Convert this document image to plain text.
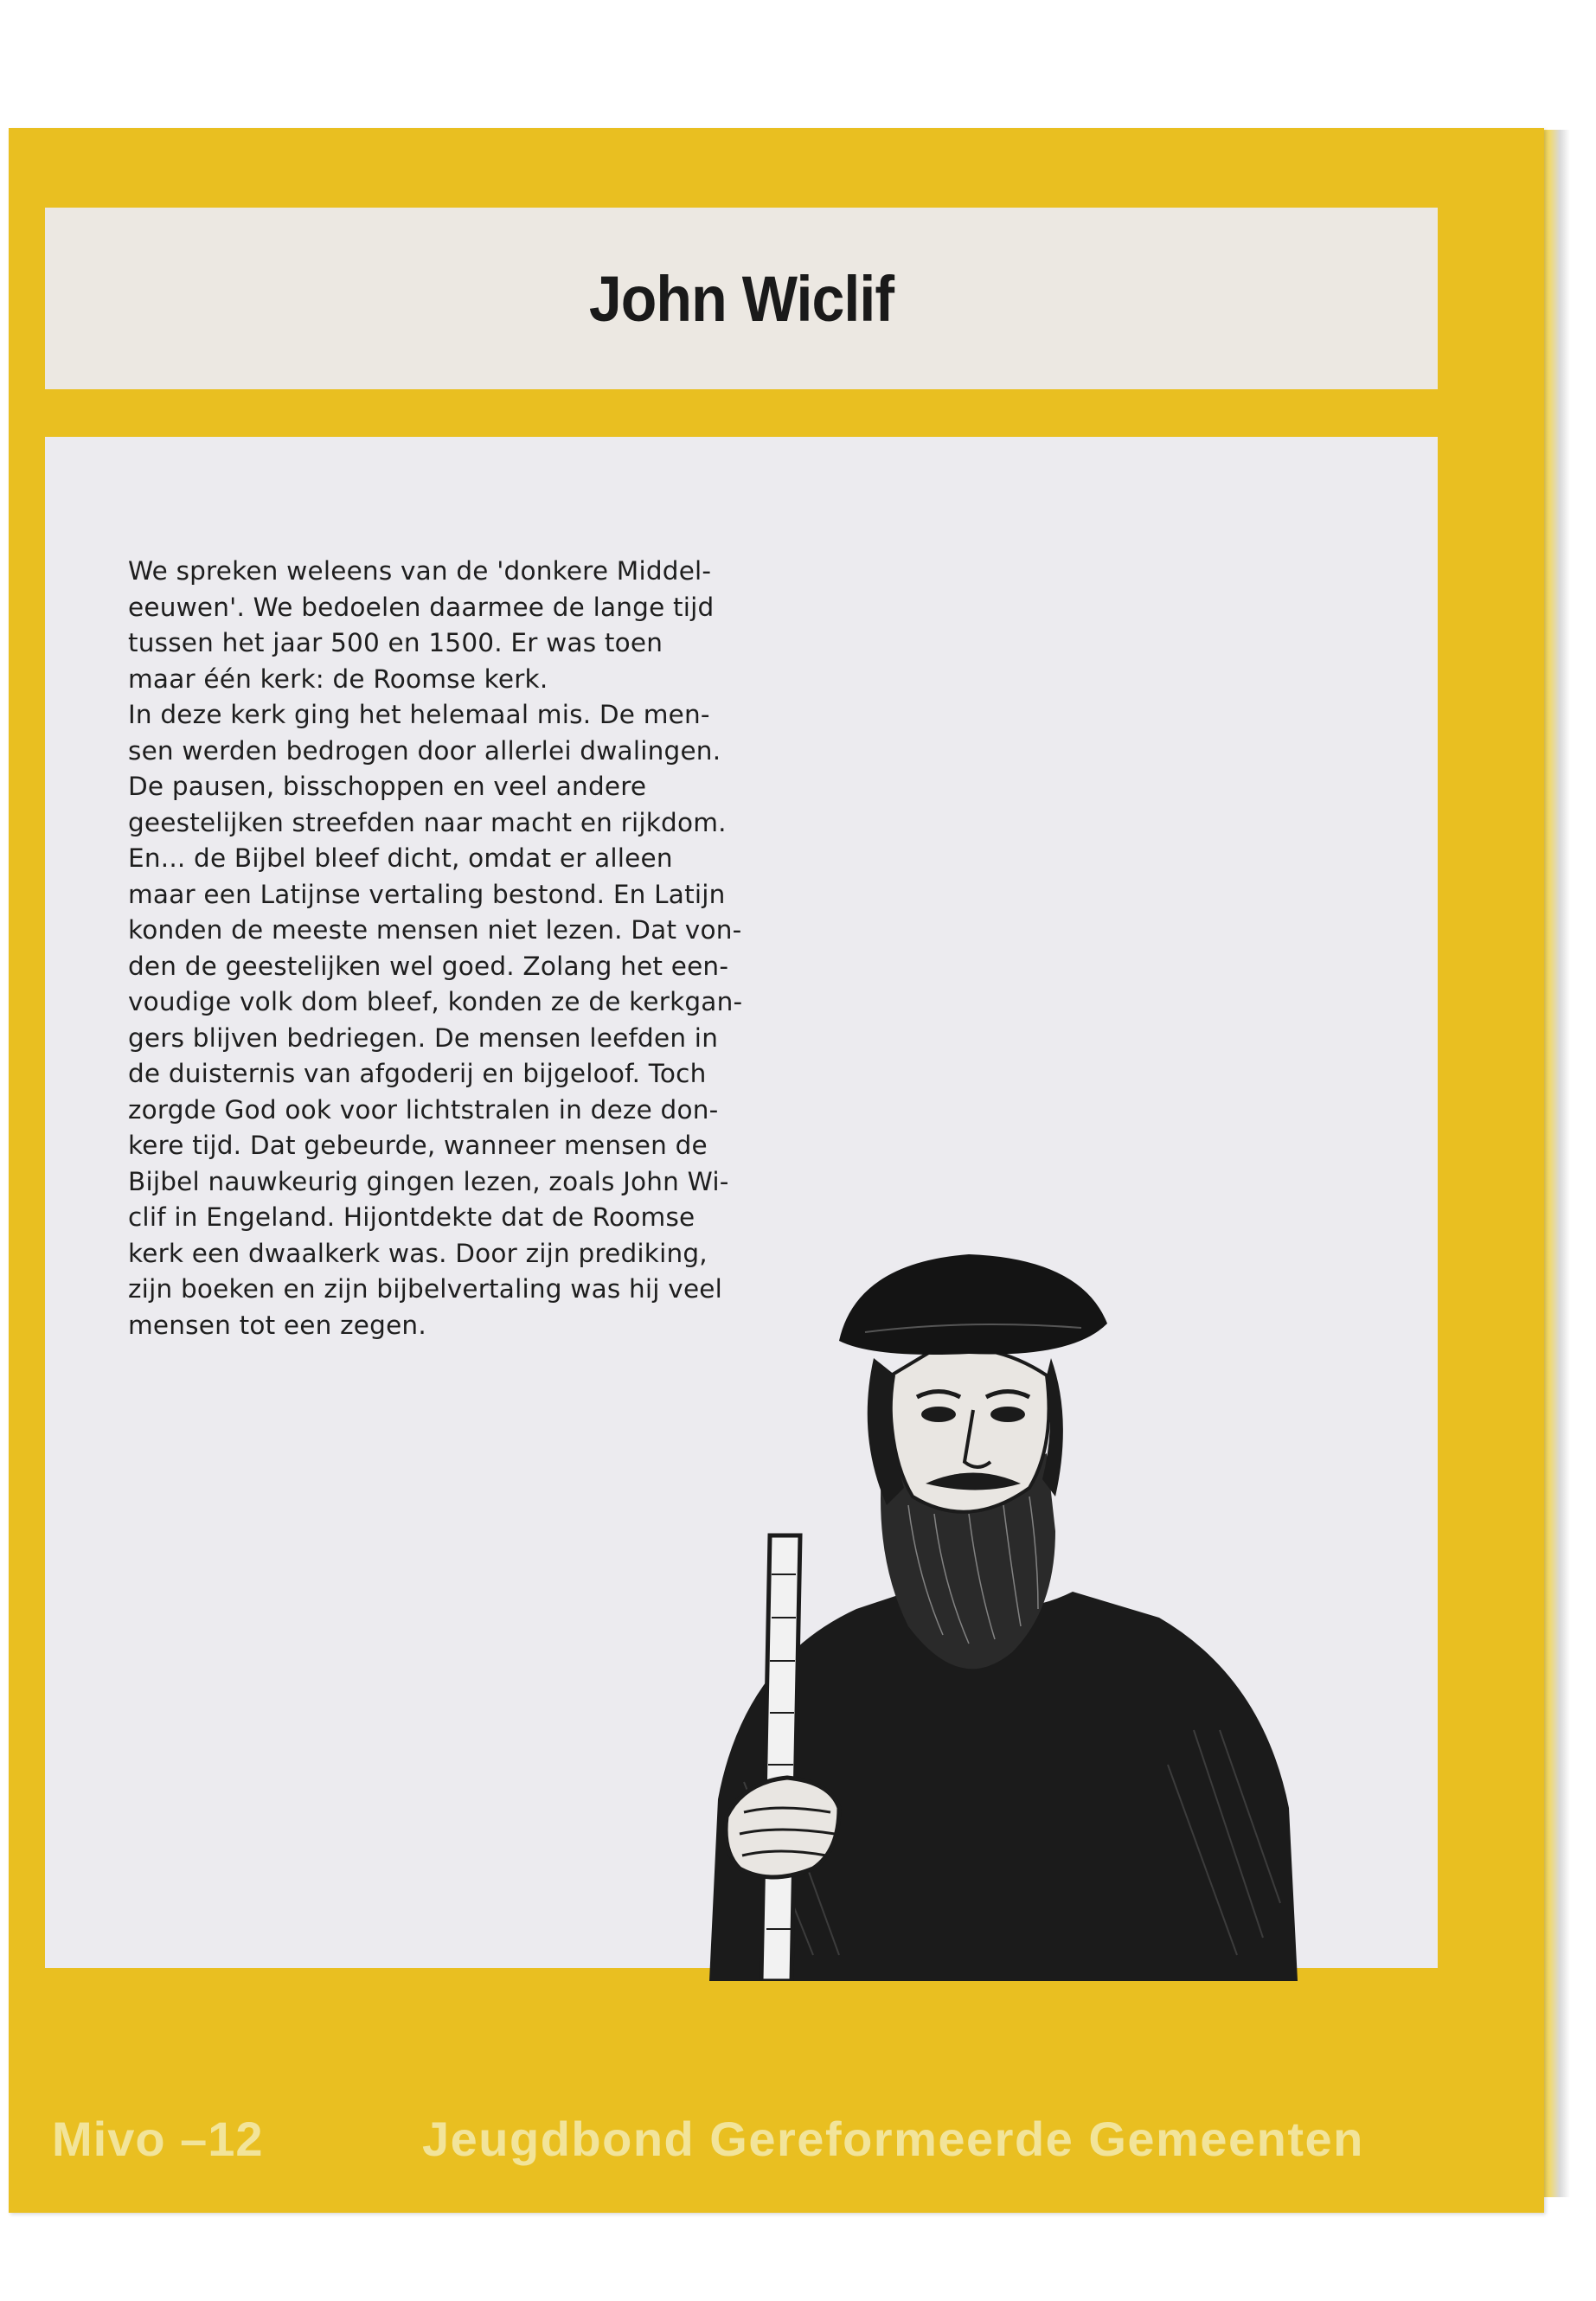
John Wiclif
We spreken weleens van de 'donkere Middel-
eeuwen'. We bedoelen daarmee de lange tijd
tussen het jaar 500 en 1500. Er was toen
maar één kerk: de Roomse kerk.
In deze kerk ging het helemaal mis. De men-
sen werden bedrogen door allerlei dwalingen.
De pausen, bisschoppen en veel andere
geestelijken streefden naar macht en rijkdom.
En... de Bijbel bleef dicht, omdat er alleen
maar een Latijnse vertaling bestond. En Latijn
konden de meeste mensen niet lezen. Dat von-
den de geestelijken wel goed. Zolang het een-
voudige volk dom bleef, konden ze de kerkgan-
gers blijven bedriegen. De mensen leefden in
de duisternis van afgoderij en bijgeloof. Toch
zorgde God ook voor lichtstralen in deze don-
kere tijd. Dat gebeurde, wanneer mensen de
Bijbel nauwkeurig gingen lezen, zoals John Wi-
clif in Engeland. Hijontdekte dat de Roomse
kerk een dwaalkerk was. Door zijn prediking,
zijn boeken en zijn bijbelvertaling was hij veel
mensen tot een zegen.
Mivo –12	Jeugdbond Gereformeerde Gemeenten
